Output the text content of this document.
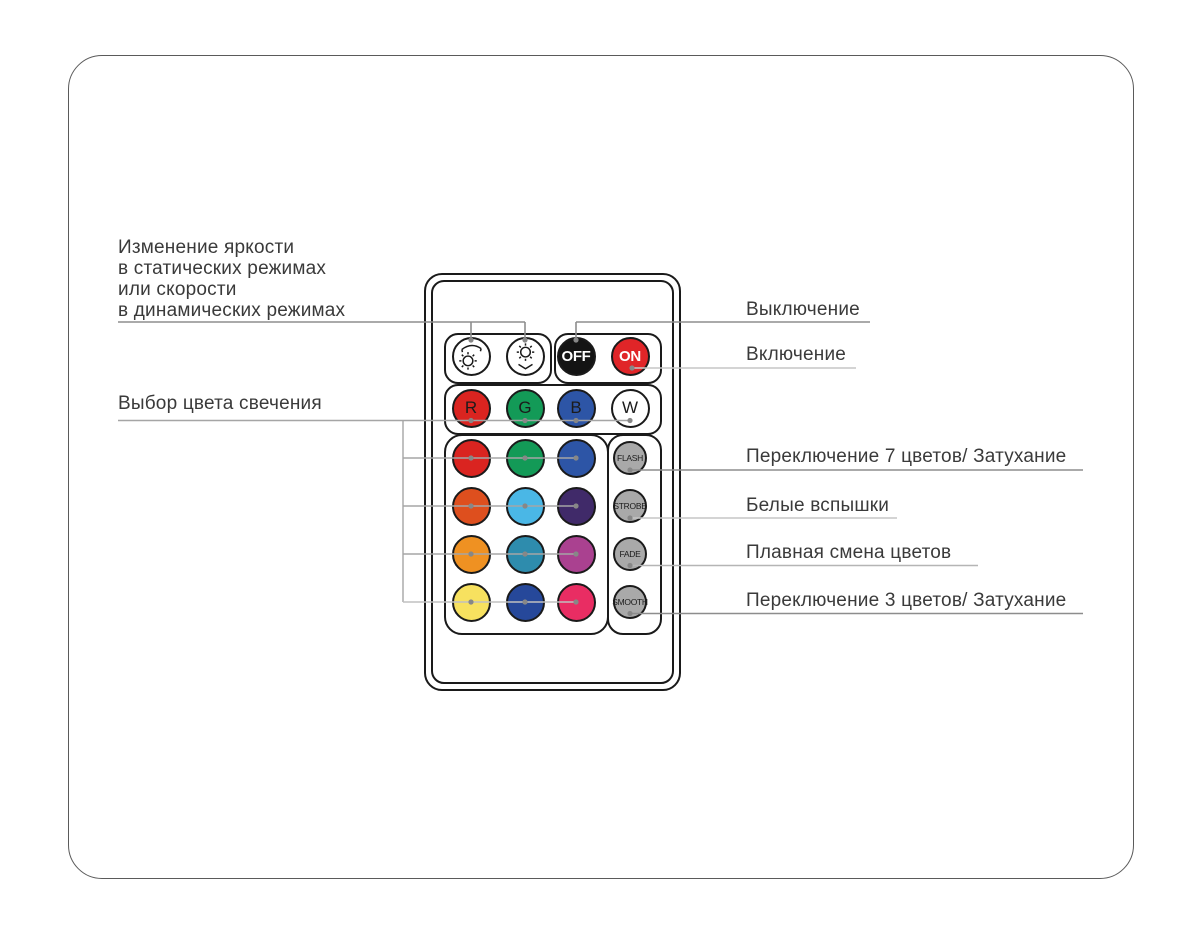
Изменение яркости
в статических режимах
или скорости
в динамических режимах
Выбор цвета свечения
Выключение
Включение
Переключение 7 цветов/ Затухание
Белые вспышки
Плавная смена цветов
Переключение 3 цветов/ Затухание
OFF ON
R G B W
FLASH
STROBE
FADE
SMOOTH
